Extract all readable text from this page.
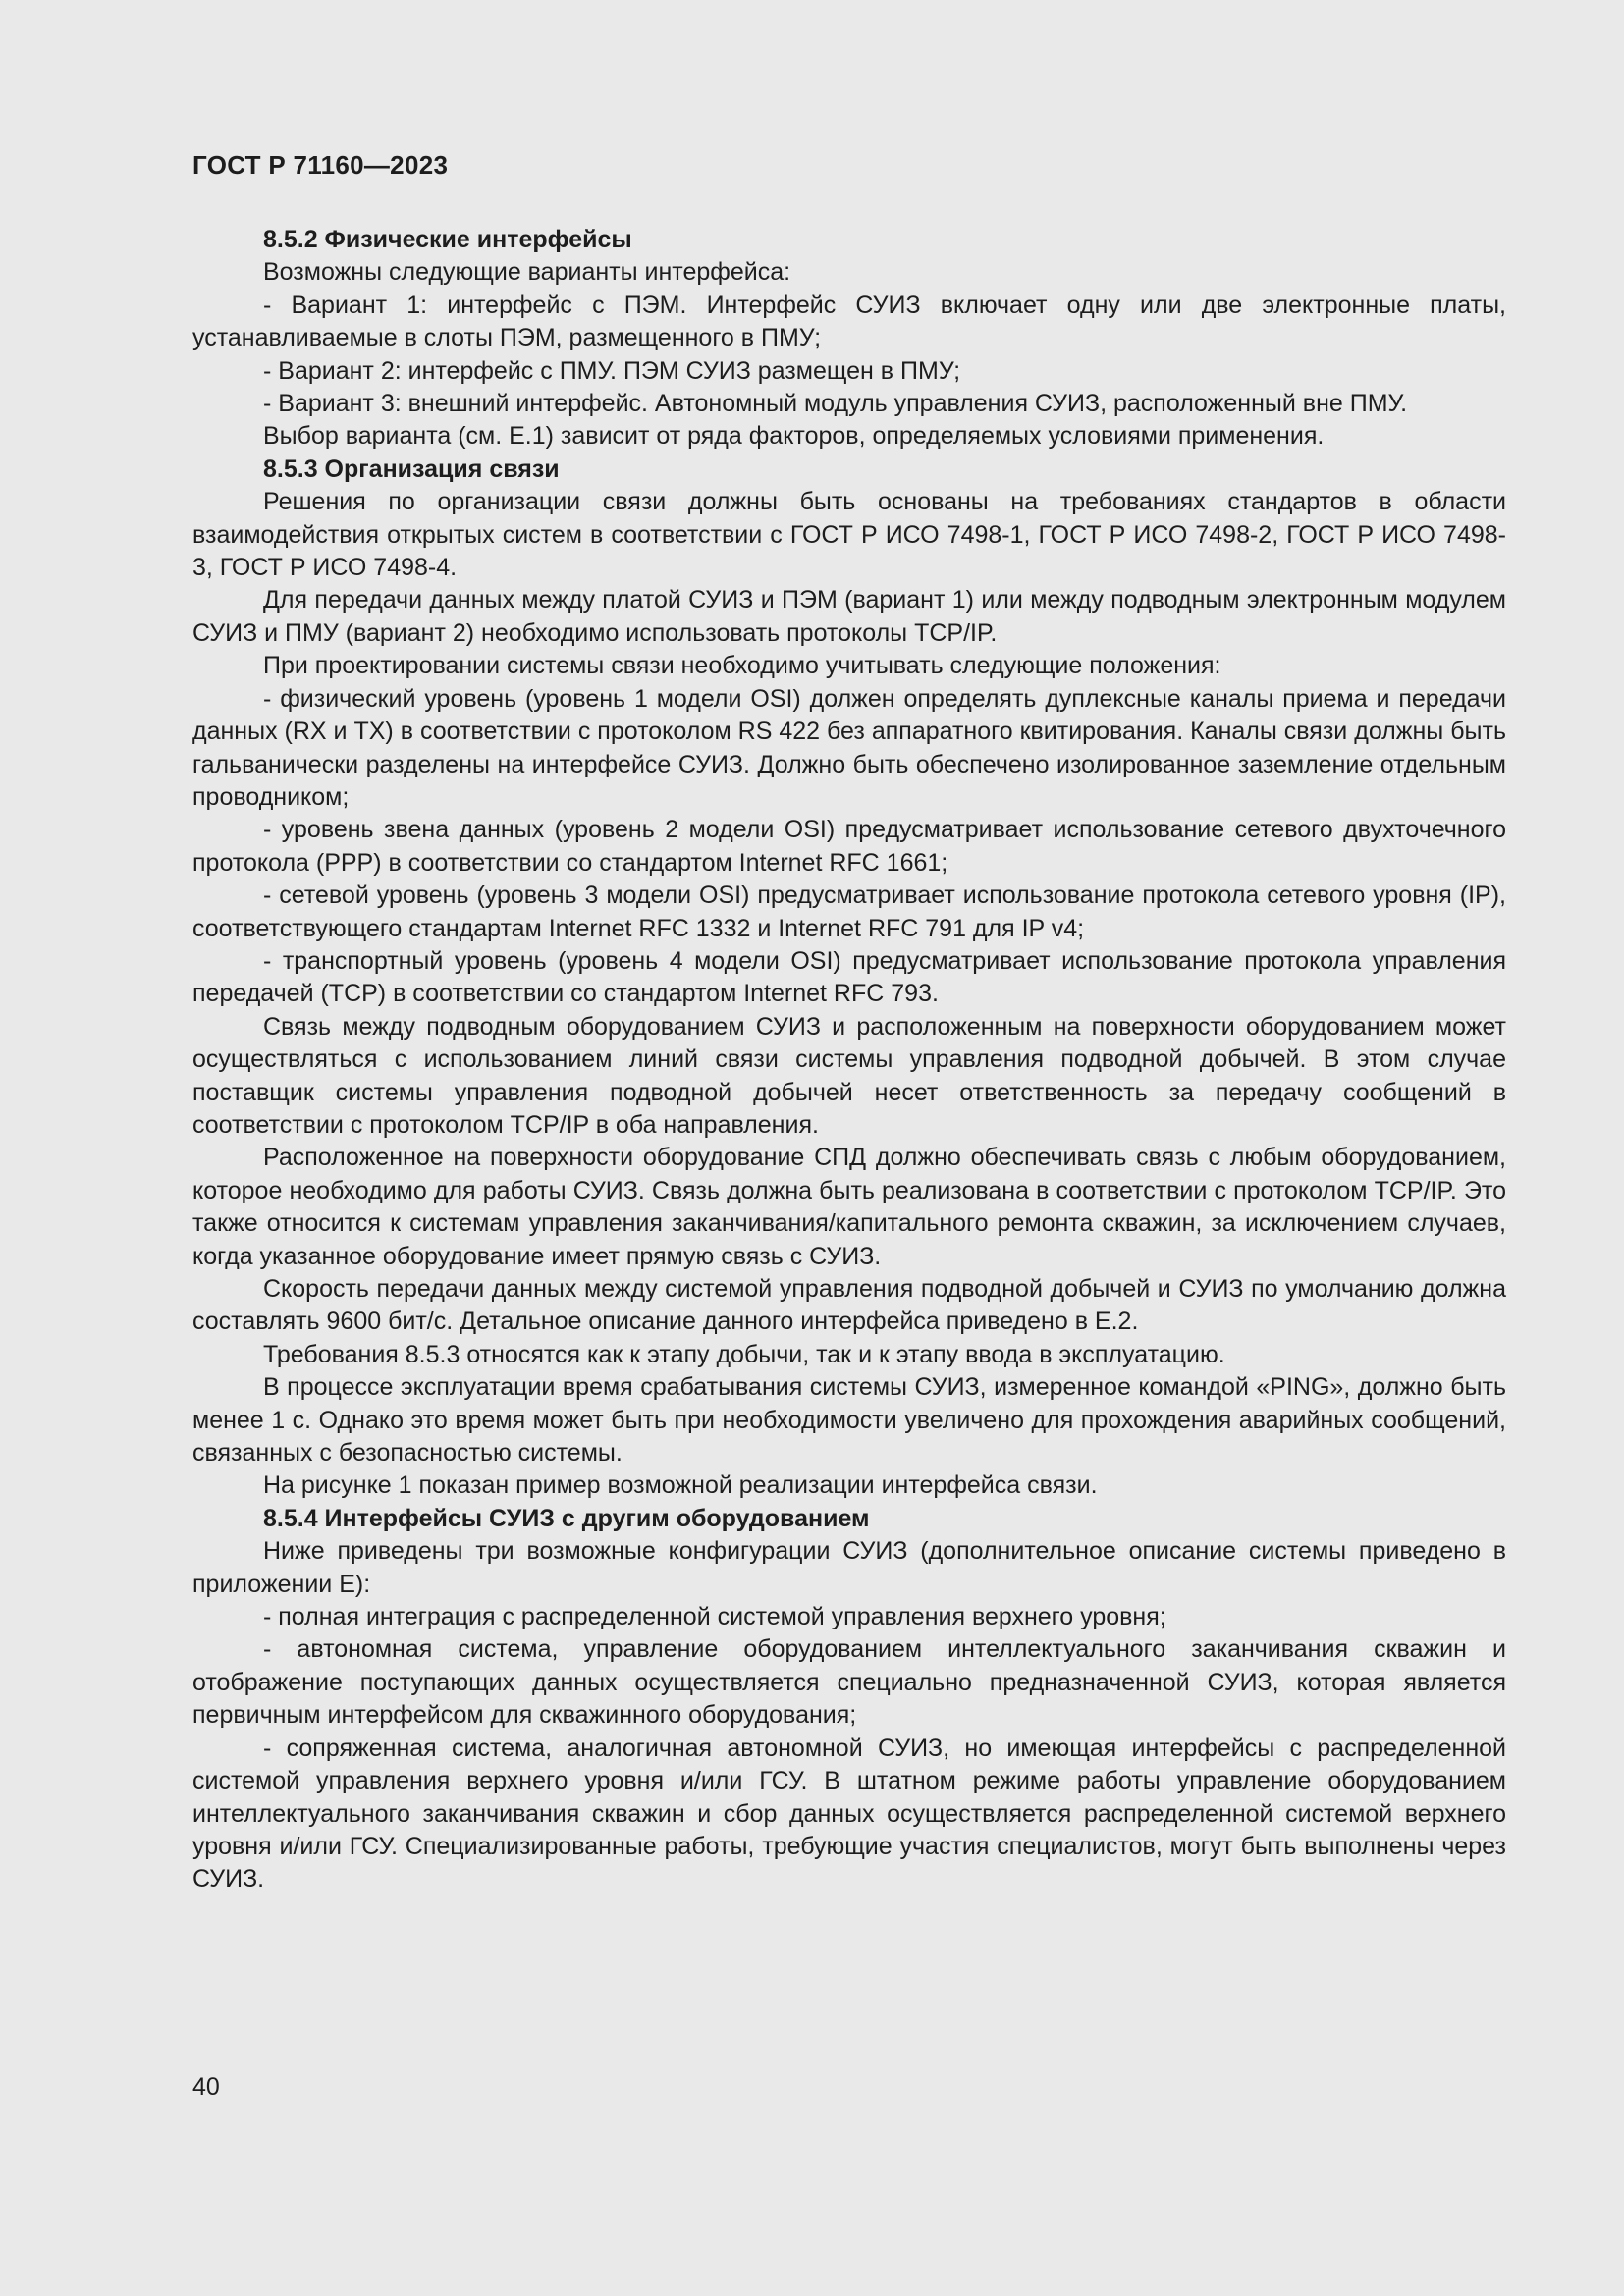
ГОСТ Р 71160—2023

8.5.2 Физические интерфейсы

Возможны следующие варианты интерфейса:

- Вариант 1: интерфейс с ПЭМ. Интерфейс СУИЗ включает одну или две электронные платы, устанавливаемые в слоты ПЭМ, размещенного в ПМУ;

- Вариант 2: интерфейс с ПМУ. ПЭМ СУИЗ размещен в ПМУ;

- Вариант 3: внешний интерфейс. Автономный модуль управления СУИЗ, расположенный вне ПМУ.

Выбор варианта (см. Е.1) зависит от ряда факторов, определяемых условиями применения.

8.5.3 Организация связи

Решения по организации связи должны быть основаны на требованиях стандартов в области взаимодействия открытых систем в соответствии с ГОСТ Р ИСО 7498-1, ГОСТ Р ИСО 7498-2, ГОСТ Р ИСО 7498-3, ГОСТ Р ИСО 7498-4.

Для передачи данных между платой СУИЗ и ПЭМ (вариант 1) или между подводным электронным модулем СУИЗ и ПМУ (вариант 2) необходимо использовать протоколы TCP/IP.

При проектировании системы связи необходимо учитывать следующие положения:

- физический уровень (уровень 1 модели OSI) должен определять дуплексные каналы приема и передачи данных (RX и TX) в соответствии с протоколом RS 422 без аппаратного квитирования. Каналы связи должны быть гальванически разделены на интерфейсе СУИЗ. Должно быть обеспечено изолированное заземление отдельным проводником;

- уровень звена данных (уровень 2 модели OSI) предусматривает использование сетевого двухточечного протокола (PPP) в соответствии со стандартом Internet RFC 1661;

- сетевой уровень (уровень 3 модели OSI) предусматривает использование протокола сетевого уровня (IP), соответствующего стандартам Internet RFC 1332 и Internet RFC 791 для IP v4;

- транспортный уровень (уровень 4 модели OSI) предусматривает использование протокола управления передачей (TCP) в соответствии со стандартом Internet RFC 793.

Связь между подводным оборудованием СУИЗ и расположенным на поверхности оборудованием может осуществляться с использованием линий связи системы управления подводной добычей. В этом случае поставщик системы управления подводной добычей несет ответственность за передачу сообщений в соответствии с протоколом TCP/IP в оба направления.

Расположенное на поверхности оборудование СПД должно обеспечивать связь с любым оборудованием, которое необходимо для работы СУИЗ. Связь должна быть реализована в соответствии с протоколом TCP/IP. Это также относится к системам управления заканчивания/капитального ремонта скважин, за исключением случаев, когда указанное оборудование имеет прямую связь с СУИЗ.

Скорость передачи данных между системой управления подводной добычей и СУИЗ по умолчанию должна составлять 9600 бит/с. Детальное описание данного интерфейса приведено в Е.2.

Требования 8.5.3 относятся как к этапу добычи, так и к этапу ввода в эксплуатацию.

В процессе эксплуатации время срабатывания системы СУИЗ, измеренное командой «PING», должно быть менее 1 с. Однако это время может быть при необходимости увеличено для прохождения аварийных сообщений, связанных с безопасностью системы.

На рисунке 1 показан пример возможной реализации интерфейса связи.

8.5.4 Интерфейсы СУИЗ с другим оборудованием

Ниже приведены три возможные конфигурации СУИЗ (дополнительное описание системы приведено в приложении Е):

- полная интеграция с распределенной системой управления верхнего уровня;

- автономная система, управление оборудованием интеллектуального заканчивания скважин и отображение поступающих данных осуществляется специально предназначенной СУИЗ, которая является первичным интерфейсом для скважинного оборудования;

- сопряженная система, аналогичная автономной СУИЗ, но имеющая интерфейсы с распределенной системой управления верхнего уровня и/или ГСУ. В штатном режиме работы управление оборудованием интеллектуального заканчивания скважин и сбор данных осуществляется распределенной системой верхнего уровня и/или ГСУ. Специализированные работы, требующие участия специалистов, могут быть выполнены через СУИЗ.

40
